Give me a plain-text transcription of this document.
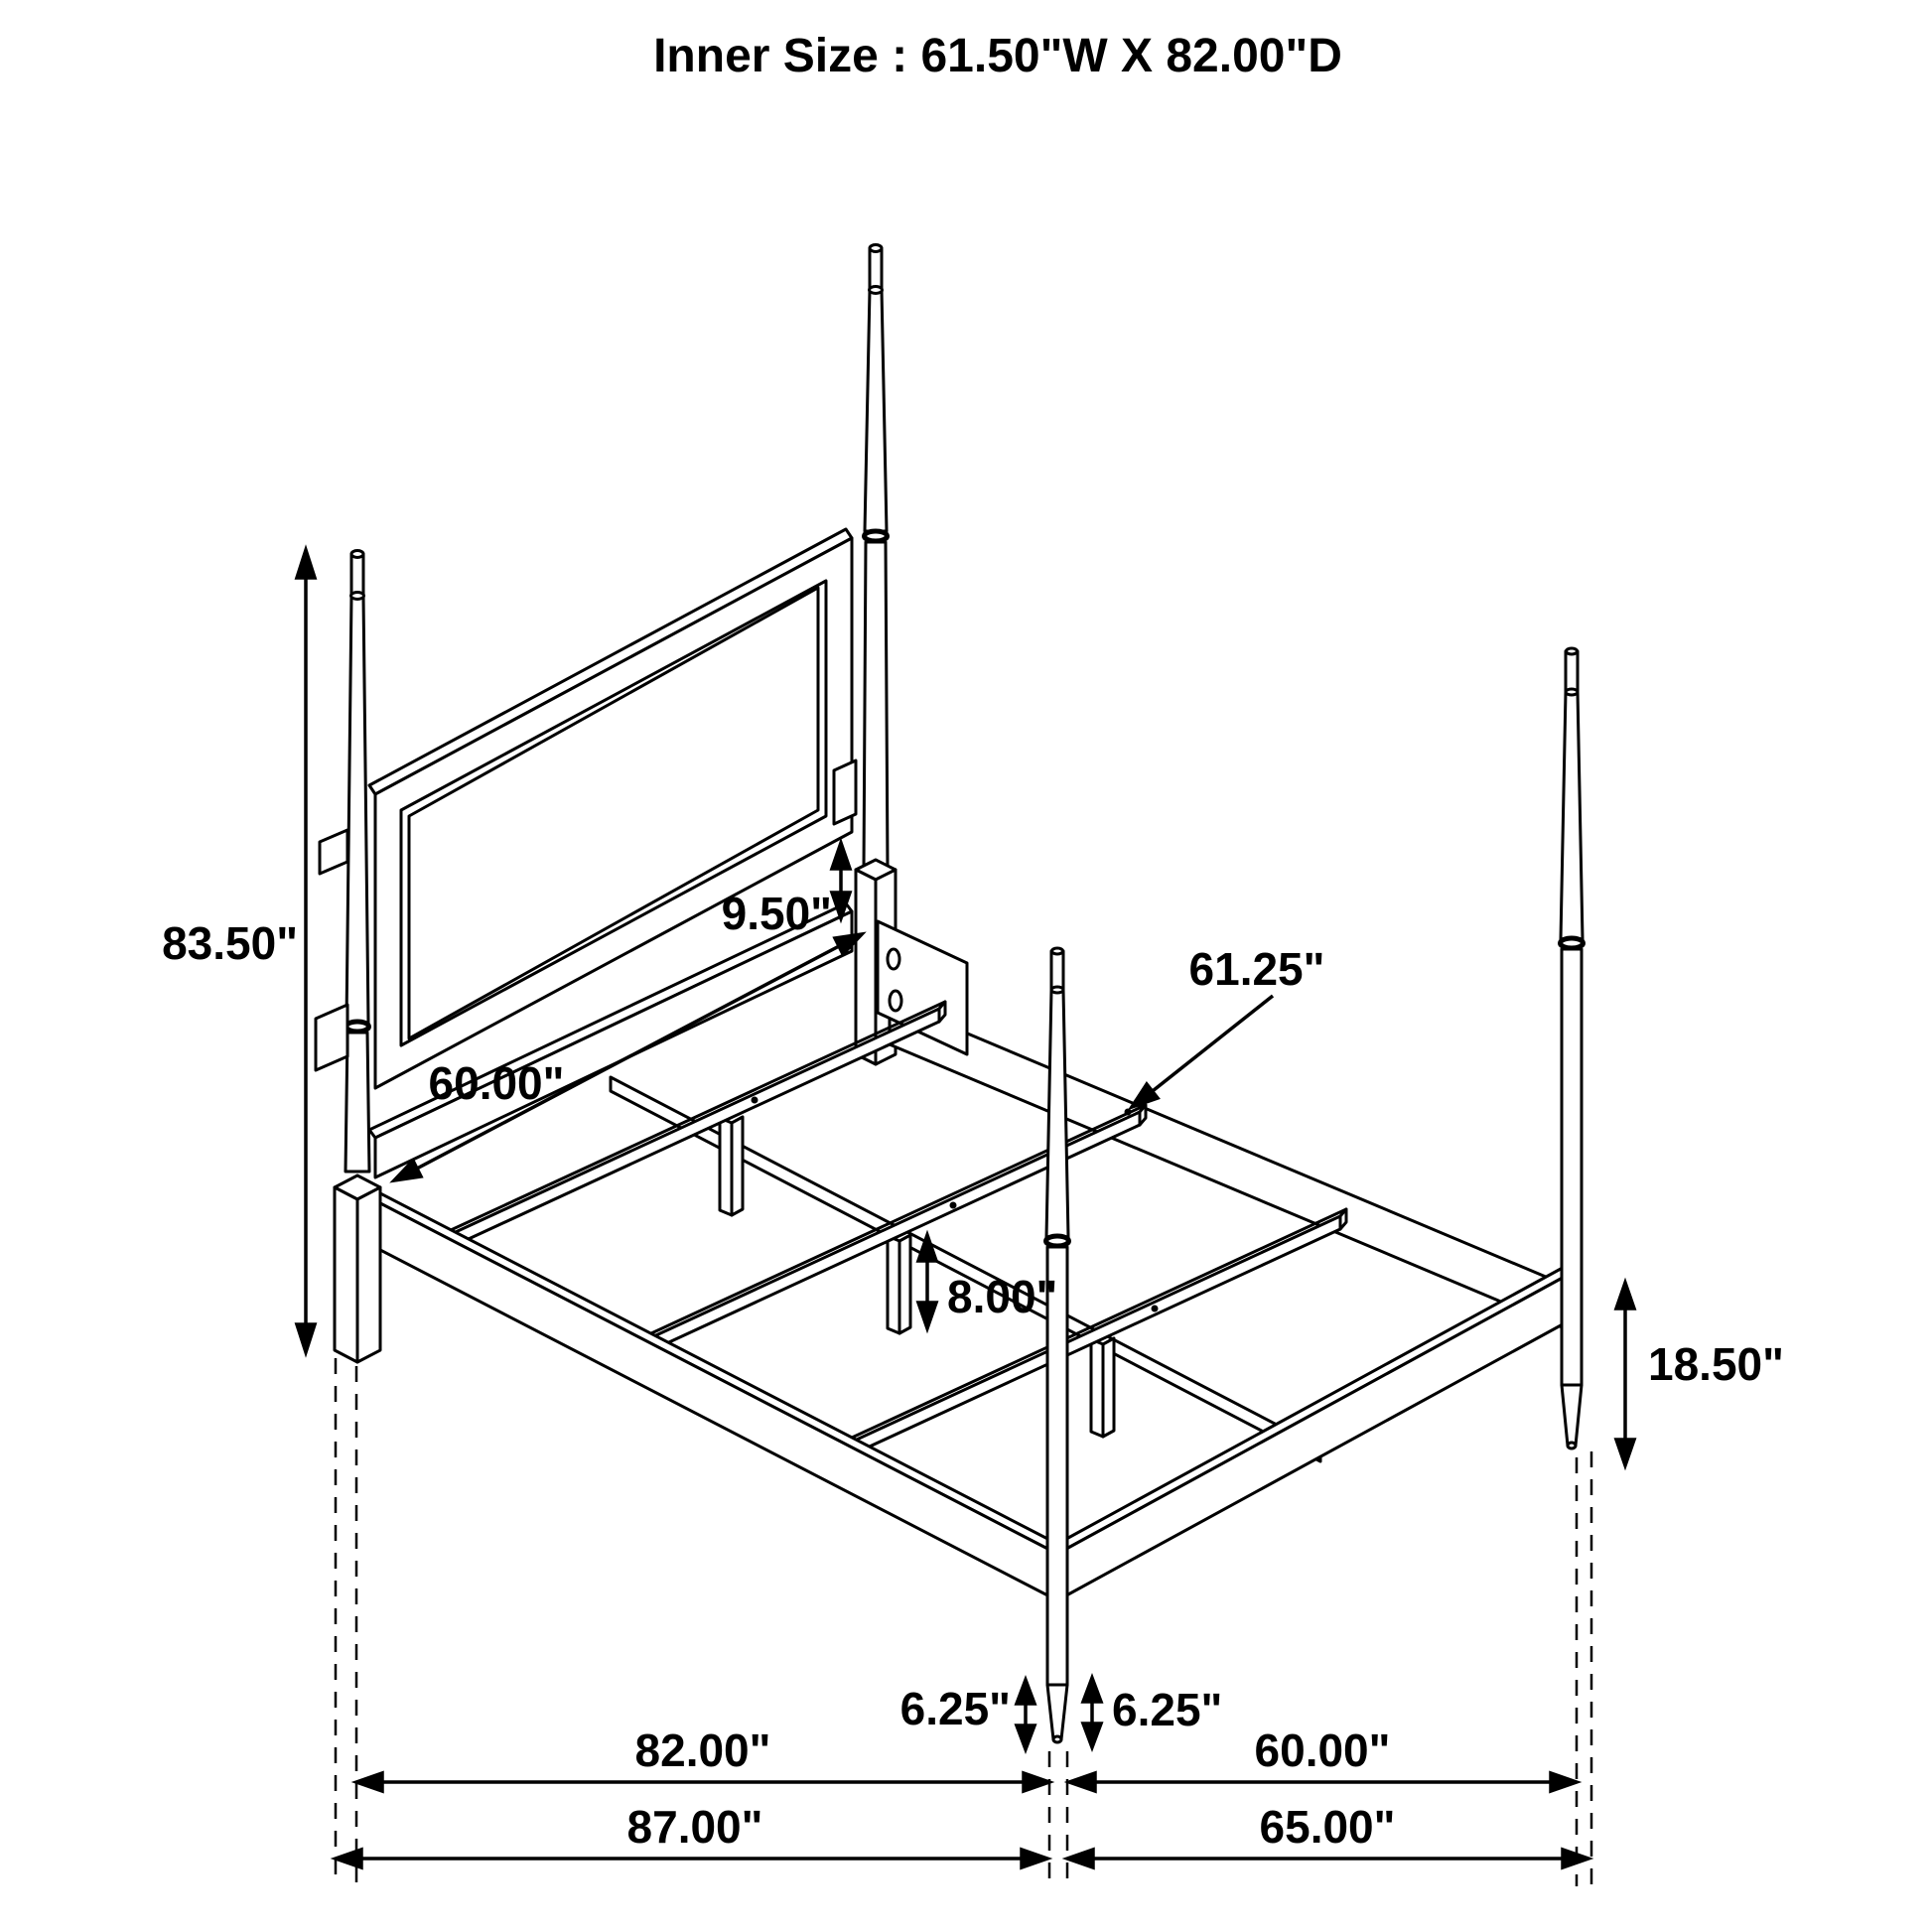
Inner Size : 61.50"W X 82.00"D
83.50"
9.50"
60.00"
61.25"
8.00"
18.50"
6.25" 6.25"
82.00"	60.00"
87.00"	65.00"
